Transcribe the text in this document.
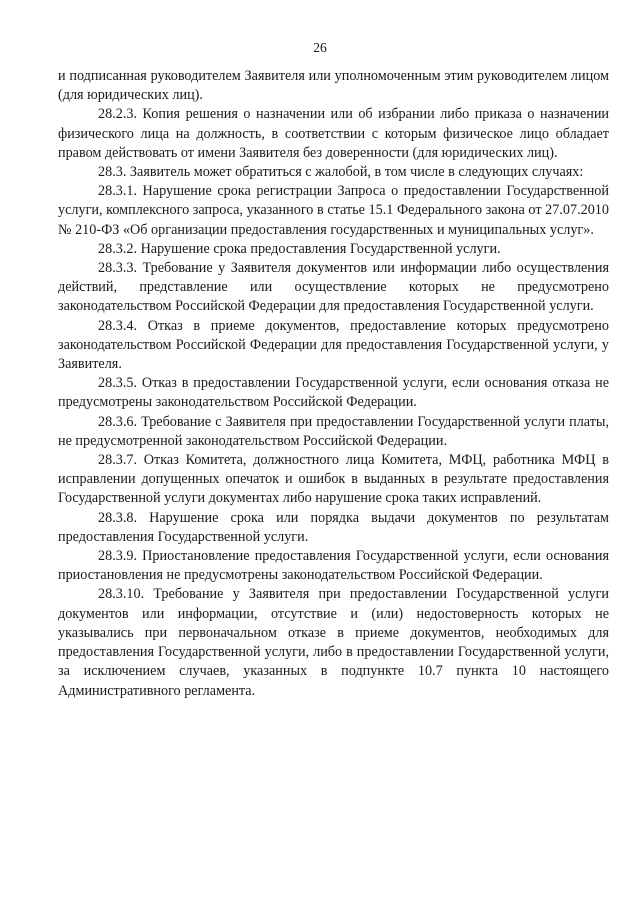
26

и подписанная руководителем Заявителя или уполномоченным этим руководителем лицом (для юридических лиц).

28.2.3. Копия решения о назначении или об избрании либо приказа о назначении физического лица на должность, в соответствии с которым физическое лицо обладает правом действовать от имени Заявителя без доверенности (для юридических лиц).

28.3. Заявитель может обратиться с жалобой, в том числе в следующих случаях:

28.3.1. Нарушение срока регистрации Запроса о предоставлении Государственной услуги, комплексного запроса, указанного в статье 15.1 Федерального закона от 27.07.2010 № 210-ФЗ «Об организации предоставления государственных и муниципальных услуг».

28.3.2. Нарушение срока предоставления Государственной услуги.

28.3.3. Требование у Заявителя документов или информации либо осуществления действий, представление или осуществление которых не предусмотрено законодательством Российской Федерации для предоставления Государственной услуги.

28.3.4. Отказ в приеме документов, предоставление которых предусмотрено законодательством Российской Федерации для предоставления Государственной услуги, у Заявителя.

28.3.5. Отказ в предоставлении Государственной услуги, если основания отказа не предусмотрены законодательством Российской Федерации.

28.3.6. Требование с Заявителя при предоставлении Государственной услуги платы, не предусмотренной законодательством Российской Федерации.

28.3.7. Отказ Комитета, должностного лица Комитета, МФЦ, работника МФЦ в исправлении допущенных опечаток и ошибок в выданных в результате предоставления Государственной услуги документах либо нарушение срока таких исправлений.

28.3.8. Нарушение срока или порядка выдачи документов по результатам предоставления Государственной услуги.

28.3.9. Приостановление предоставления Государственной услуги, если основания приостановления не предусмотрены законодательством Российской Федерации.

28.3.10. Требование у Заявителя при предоставлении Государственной услуги документов или информации, отсутствие и (или) недостоверность которых не указывались при первоначальном отказе в приеме документов, необходимых для предоставления Государственной услуги, либо в предоставлении Государственной услуги, за исключением случаев, указанных в подпункте 10.7 пункта 10 настоящего Административного регламента.
